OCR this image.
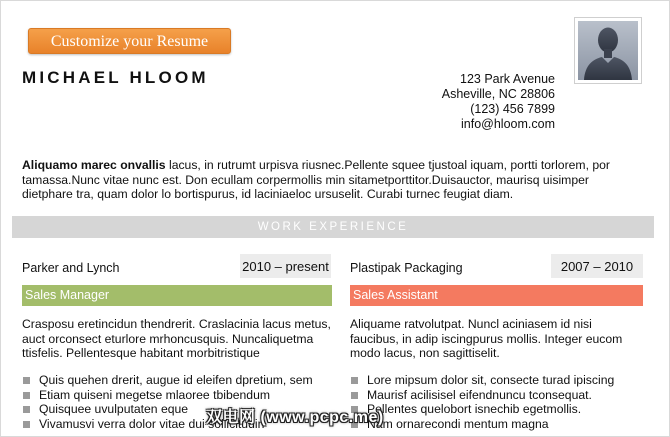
Customize your Resume
MICHAEL HLOOM	123 Park Avenue
Asheville, NC 28806
(123) 456 7899
info@hloom.com
Aliquamo marec onvallis lacus, in rutrumt urpisva riusnec.Pellente squee tjustoal iquam, portti torlorem, por tamassa.Nunc vitae nunc est. Don ecullam corpermollis min sitametporttitor.Duisauctor, maurisq uisimper dietphare tra, quam dolor lo bortispurus, id laciniaeloc ursuselit. Curabi turnec feugiat diam.
WORK EXPERIENCE
Parker and Lynch	2010 – present
Sales Manager
Crasposu eretincidun thendrerit. Craslacinia lacus metus, auct orconsect eturlore mrhoncusquis. Nuncaliquetma ttisfelis. Pellentesque habitant morbitristique
Quis quehen drerit, augue id eleifen dpretium, sem
Etiam quiseni megetse mlaoree tbibendum
Quisquee uvulputaten eque
Vivamusvi verra dolor vitae dui sollicitudin
Plastipak Packaging	2007 – 2010
Sales Assistant
Aliquame ratvolutpat. Nuncl aciniasem id nisi faucibus, in adip iscingpurus mollis. Integer eucom modo lacus, non sagittiselit.
Lore mipsum dolor sit, consecte turad ipiscing
Maurisf acilisisel eifendnuncu tconsequat.
Pellentes quelobort isnechib egetmollis.
Nam ornarecondi mentum magna
双电网 (www.pcpc.me)
